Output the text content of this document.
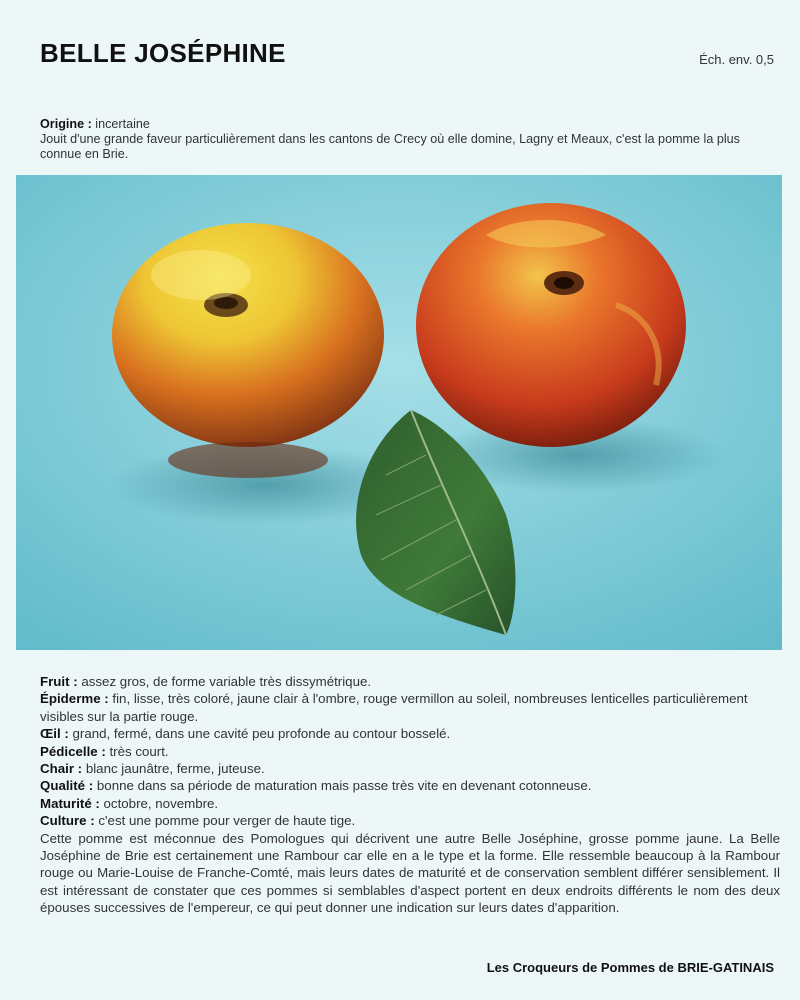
BELLE JOSÉPHINE	Éch. env. 0,5
Origine : incertaine
Jouit d'une grande faveur particulièrement dans les cantons de Crecy où elle domine, Lagny et Meaux, c'est la pomme la plus connue en Brie.
Fruit : assez gros, de forme variable très dissymétrique.
Épiderme : fin, lisse, très coloré, jaune clair à l'ombre, rouge vermillon au soleil, nombreuses lenticelles particulièrement visibles sur la partie rouge.
Œil : grand, fermé, dans une cavité peu profonde au contour bosselé.
Pédicelle : très court.
Chair : blanc jaunâtre, ferme, juteuse.
Qualité : bonne dans sa période de maturation mais passe très vite en devenant cotonneuse.
Maturité : octobre, novembre.
Culture : c'est une pomme pour verger de haute tige.
Cette pomme est méconnue des Pomologues qui décrivent une autre Belle Joséphine, grosse pomme jaune. La Belle Joséphine de Brie est certainement une Rambour car elle en a le type et la forme. Elle ressemble beaucoup à la Rambour rouge ou Marie-Louise de Franche-Comté, mais leurs dates de maturité et de conservation semblent différer sensiblement. Il est intéressant de constater que ces pommes si semblables d'aspect portent en deux endroits différents le nom des deux épouses successives de l'empereur, ce qui peut donner une indication sur leurs dates d'apparition.
Les Croqueurs de Pommes de BRIE-GATINAIS
